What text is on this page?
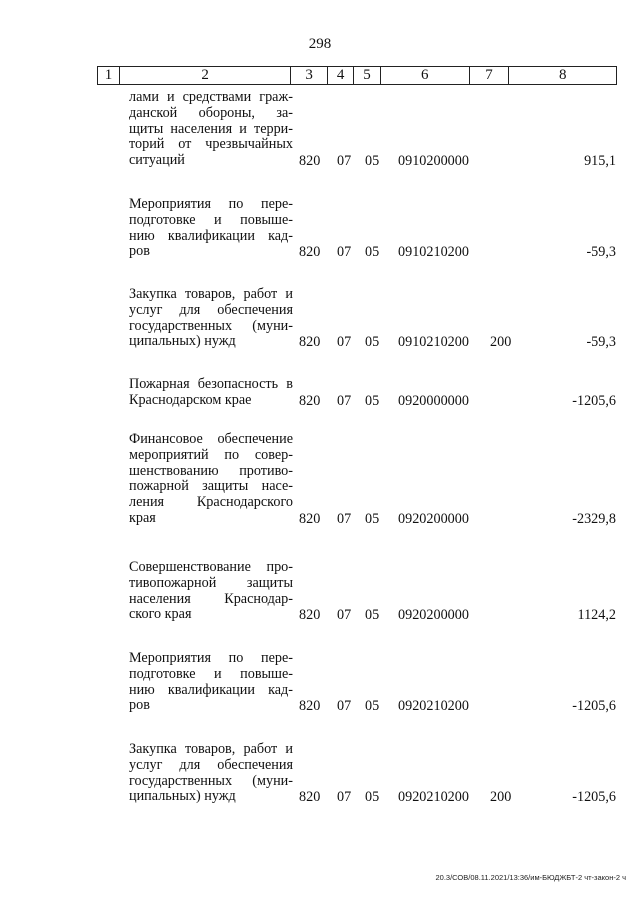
298
1	2	3	4	5	6	7	8
лами и средствами граж-
данской обороны, за-
щиты населения и терри-
торий от чрезвычайных
ситуаций	820 07 05 0910200000	915,1
Мероприятия по пере-
подготовке и повыше-
нию квалификации кад-
ров	820 07 05 0910210200	-59,3
Закупка товаров, работ и
услуг для обеспечения
государственных (муни-
ципальных) нужд	820 07 05 0910210200 200	-59,3
Пожарная безопасность в
Краснодарском крае	820 07 05 0920000000	-1205,6
Финансовое обеспечение
мероприятий по совер-
шенствованию противо-
пожарной защиты насе-
ления Краснодарского
края	820 07 05 0920200000	-2329,8
Совершенствование про-
тивопожарной защиты
населения Краснодар-
ского края	820 07 05 0920200000	1124,2
Мероприятия по пере-
подготовке и повыше-
нию квалификации кад-
ров	820 07 05 0920210200	-1205,6
Закупка товаров, работ и
услуг для обеспечения
государственных (муни-
ципальных) нужд	820 07 05 0920210200 200	-1205,6
20.3/СОВ/08.11.2021/13:36/им-БЮДЖБТ-2 чт-закон-2 ч
